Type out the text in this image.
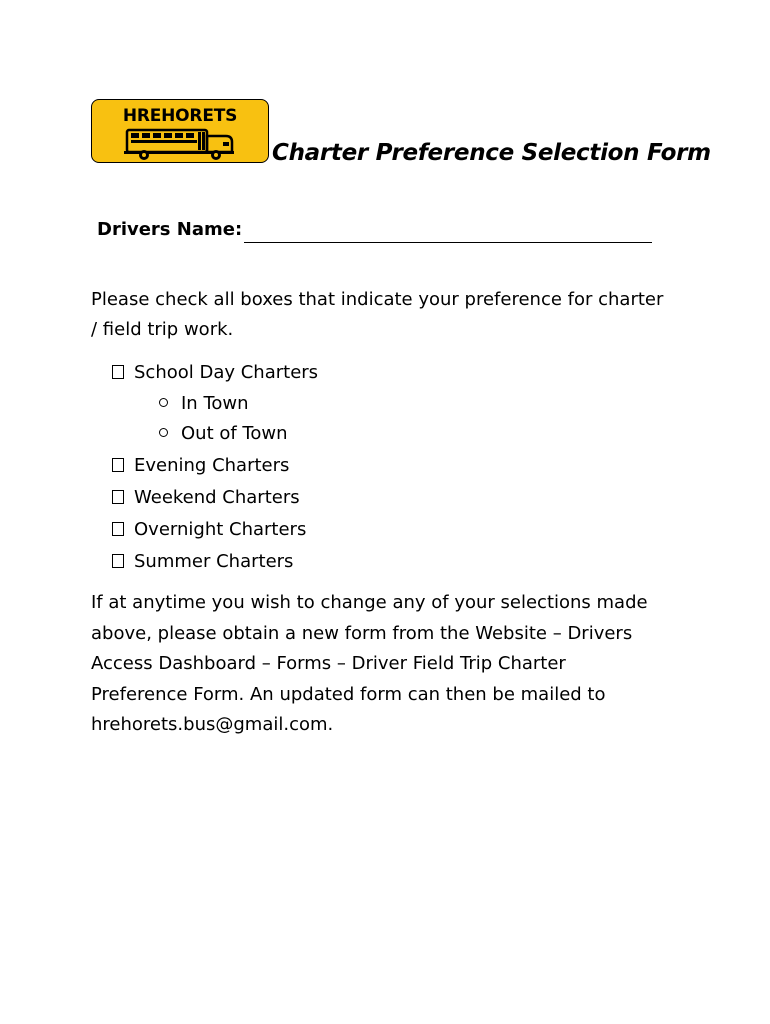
HREHORETS
Charter Preference Selection Form
Drivers Name:
Please check all boxes that indicate your preference for charter
/ field trip work.
School Day Charters
In Town
Out of Town
Evening Charters
Weekend Charters
Overnight Charters
Summer Charters
If at anytime you wish to change any of your selections made
above, please obtain a new form from the Website – Drivers
Access Dashboard – Forms – Driver Field Trip Charter
Preference Form. An updated form can then be mailed to
hrehorets.bus@gmail.com.
